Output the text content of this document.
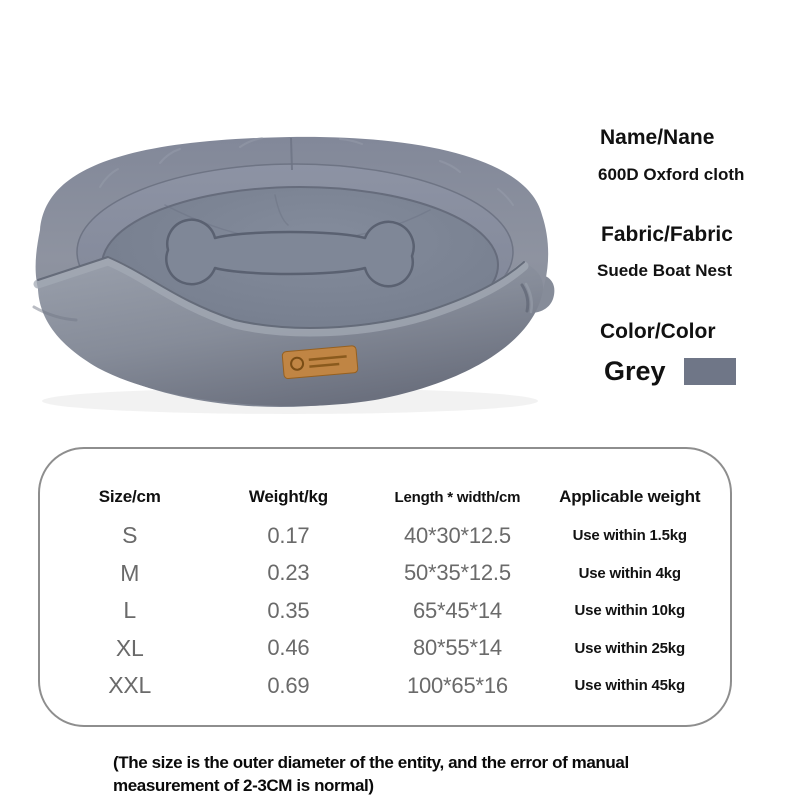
Name/Nane
600D Oxford cloth
Fabric/Fabric
Suede Boat Nest
Color/Color
Grey
Size/cm	Weight/kg	Length * width/cm	Applicable weight
S	0.17	40*30*12.5	Use within 1.5kg
M	0.23	50*35*12.5	Use within 4kg
L	0.35	65*45*14	Use within 10kg
XL	0.46	80*55*14	Use within 25kg
XXL	0.69	100*65*16	Use within 45kg
(The size is the outer diameter of the entity, and the error of manual
measurement of 2-3CM is normal)
